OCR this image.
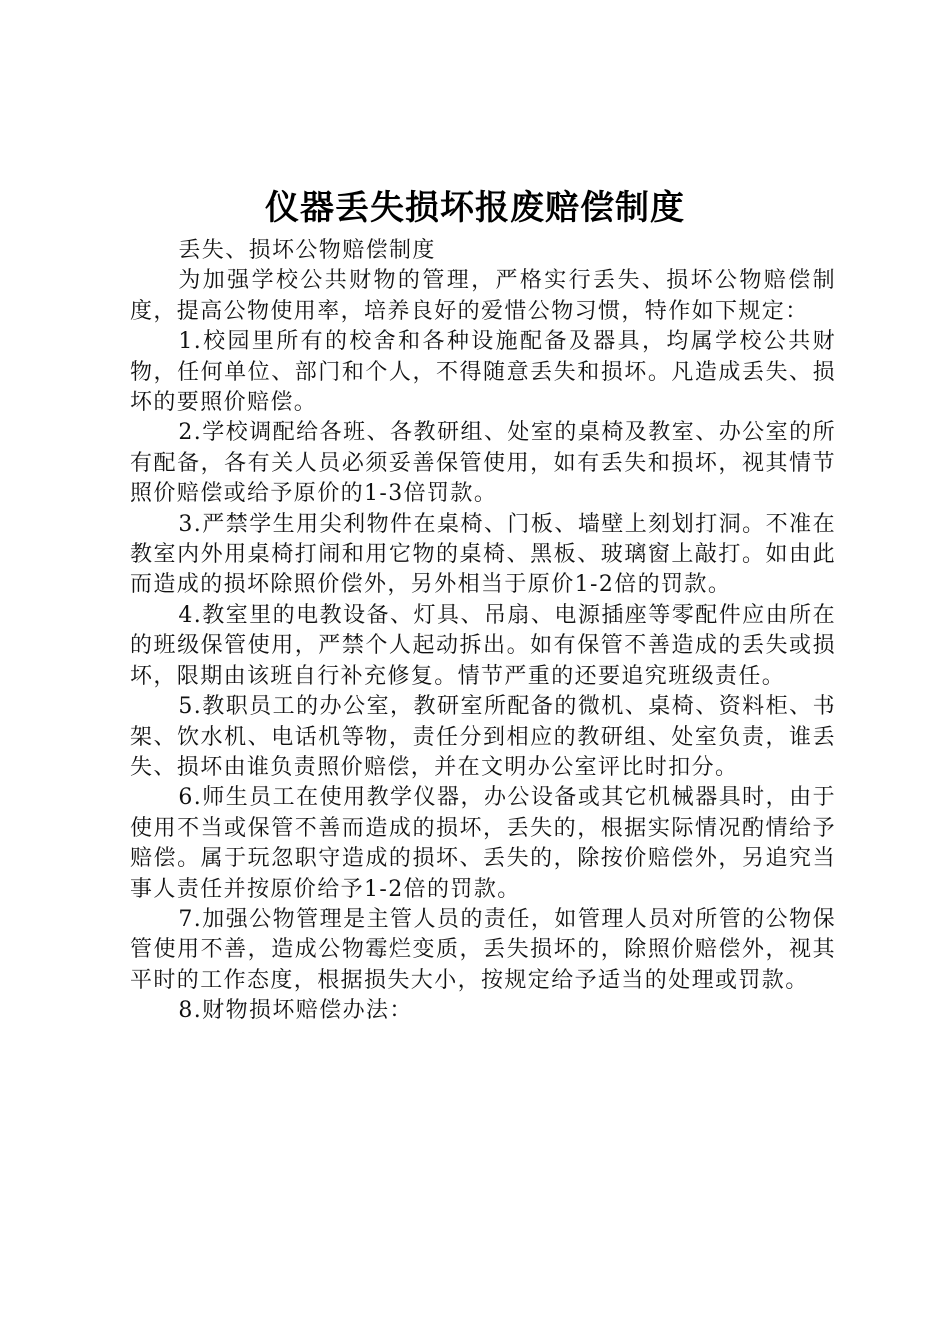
仪器丢失损坏报废赔偿制度

丢失、损坏公物赔偿制度

为加强学校公共财物的管理，严格实行丢失、损坏公物赔偿制度，提高公物使用率，培养良好的爱惜公物习惯，特作如下规定：

1.校园里所有的校舍和各种设施配备及器具，均属学校公共财物，任何单位、部门和个人，不得随意丢失和损坏。凡造成丢失、损坏的要照价赔偿。

2.学校调配给各班、各教研组、处室的桌椅及教室、办公室的所有配备，各有关人员必须妥善保管使用，如有丢失和损坏，视其情节照价赔偿或给予原价的1-3倍罚款。

3.严禁学生用尖利物件在桌椅、门板、墙壁上刻划打洞。不准在教室内外用桌椅打闹和用它物的桌椅、黑板、玻璃窗上敲打。如由此而造成的损坏除照价偿外，另外相当于原价1-2倍的罚款。

4.教室里的电教设备、灯具、吊扇、电源插座等零配件应由所在的班级保管使用，严禁个人起动拆出。如有保管不善造成的丢失或损坏，限期由该班自行补充修复。情节严重的还要追究班级责任。

5.教职员工的办公室，教研室所配备的微机、桌椅、资料柜、书架、饮水机、电话机等物，责任分到相应的教研组、处室负责，谁丢失、损坏由谁负责照价赔偿，并在文明办公室评比时扣分。

6.师生员工在使用教学仪器，办公设备或其它机械器具时，由于使用不当或保管不善而造成的损坏，丢失的，根据实际情况酌情给予赔偿。属于玩忽职守造成的损坏、丢失的，除按价赔偿外，另追究当事人责任并按原价给予1-2倍的罚款。

7.加强公物管理是主管人员的责任，如管理人员对所管的公物保管使用不善，造成公物霉烂变质，丢失损坏的，除照价赔偿外，视其平时的工作态度，根据损失大小，按规定给予适当的处理或罚款。

8.财物损坏赔偿办法：
